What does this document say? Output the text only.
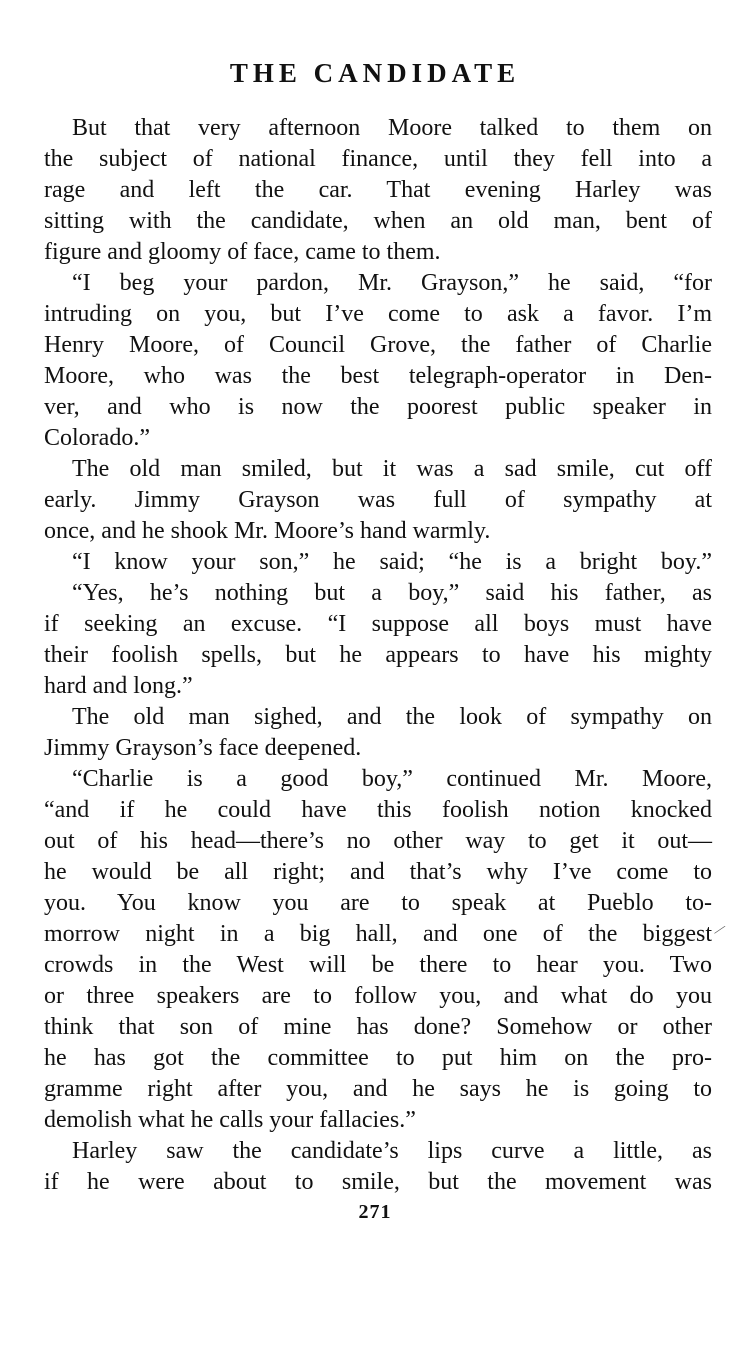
THE CANDIDATE
But that very afternoon Moore talked to them on
the subject of national finance, until they fell into a
rage and left the car. That evening Harley was
sitting with the candidate, when an old man, bent of
figure and gloomy of face, came to them.
“I beg your pardon, Mr. Grayson,” he said, “for
intruding on you, but I’ve come to ask a favor. I’m
Henry Moore, of Council Grove, the father of Charlie
Moore, who was the best telegraph-operator in Den-
ver, and who is now the poorest public speaker in
Colorado.”
The old man smiled, but it was a sad smile, cut off
early. Jimmy Grayson was full of sympathy at
once, and he shook Mr. Moore’s hand warmly.
“I know your son,” he said; “he is a bright boy.”
“Yes, he’s nothing but a boy,” said his father, as
if seeking an excuse. “I suppose all boys must have
their foolish spells, but he appears to have his mighty
hard and long.”
The old man sighed, and the look of sympathy on
Jimmy Grayson’s face deepened.
“Charlie is a good boy,” continued Mr. Moore,
“and if he could have this foolish notion knocked
out of his head—there’s no other way to get it out—
he would be all right; and that’s why I’ve come to
you. You know you are to speak at Pueblo to-
morrow night in a big hall, and one of the biggest
crowds in the West will be there to hear you. Two
or three speakers are to follow you, and what do you
think that son of mine has done? Somehow or other
he has got the committee to put him on the pro-
gramme right after you, and he says he is going to
demolish what he calls your fallacies.”
Harley saw the candidate’s lips curve a little, as
if he were about to smile, but the movement was
⁄
271
